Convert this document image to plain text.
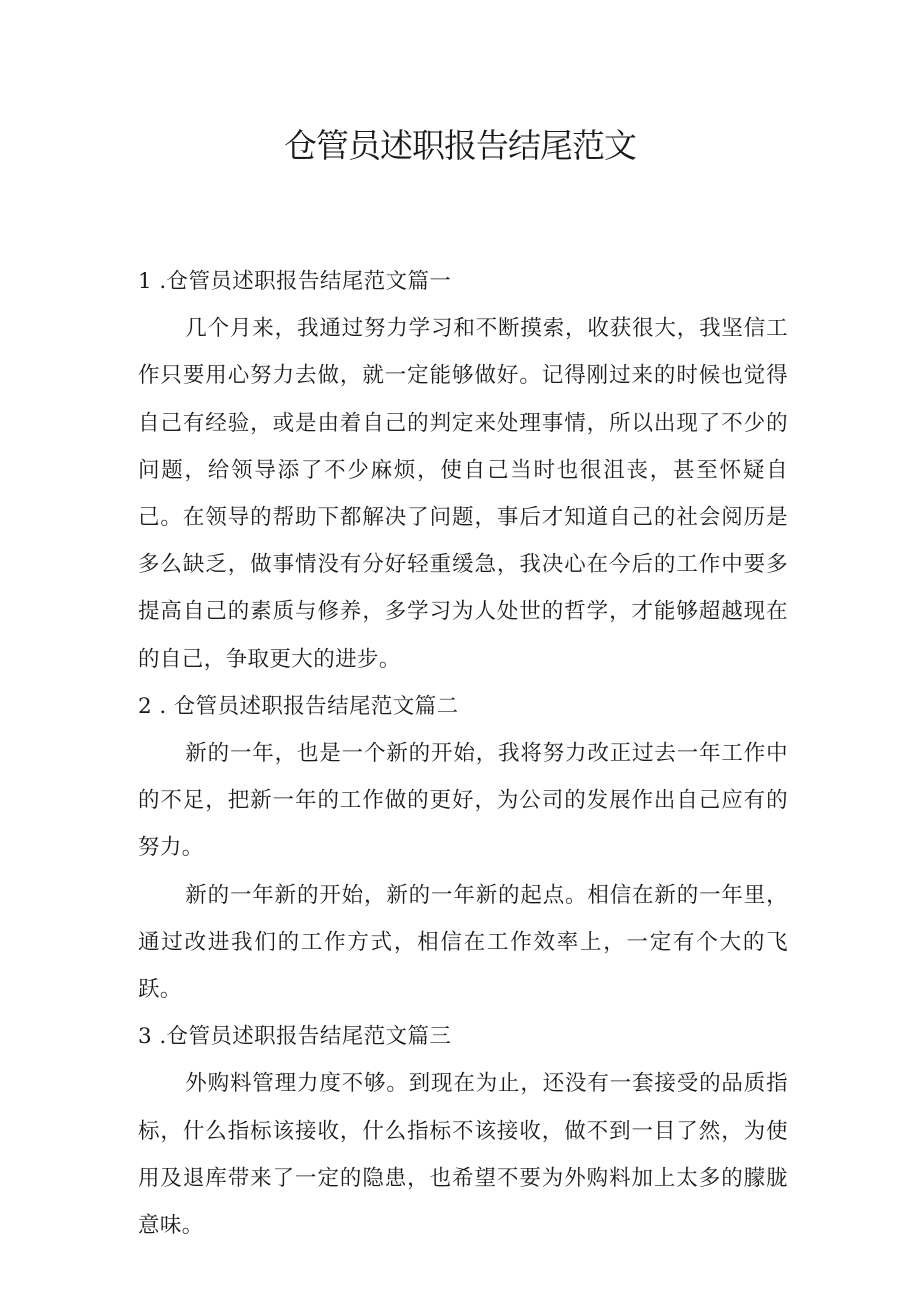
仓管员述职报告结尾范文

1 .仓管员述职报告结尾范文篇一

几个月来，我通过努力学习和不断摸索，收获很大，我坚信工作只要用心努力去做，就一定能够做好。记得刚过来的时候也觉得自己有经验，或是由着自己的判定来处理事情，所以出现了不少的问题，给领导添了不少麻烦，使自己当时也很沮丧，甚至怀疑自己。在领导的帮助下都解决了问题，事后才知道自己的社会阅历是多么缺乏，做事情没有分好轻重缓急，我决心在今后的工作中要多提高自己的素质与修养，多学习为人处世的哲学，才能够超越现在的自己，争取更大的进步。

2 . 仓管员述职报告结尾范文篇二

新的一年，也是一个新的开始，我将努力改正过去一年工作中的不足，把新一年的工作做的更好，为公司的发展作出自己应有的努力。

新的一年新的开始，新的一年新的起点。相信在新的一年里，通过改进我们的工作方式，相信在工作效率上，一定有个大的飞跃。

3 .仓管员述职报告结尾范文篇三

外购料管理力度不够。到现在为止，还没有一套接受的品质指标，什么指标该接收，什么指标不该接收，做不到一目了然，为使用及退库带来了一定的隐患，也希望不要为外购料加上太多的朦胧意味。
